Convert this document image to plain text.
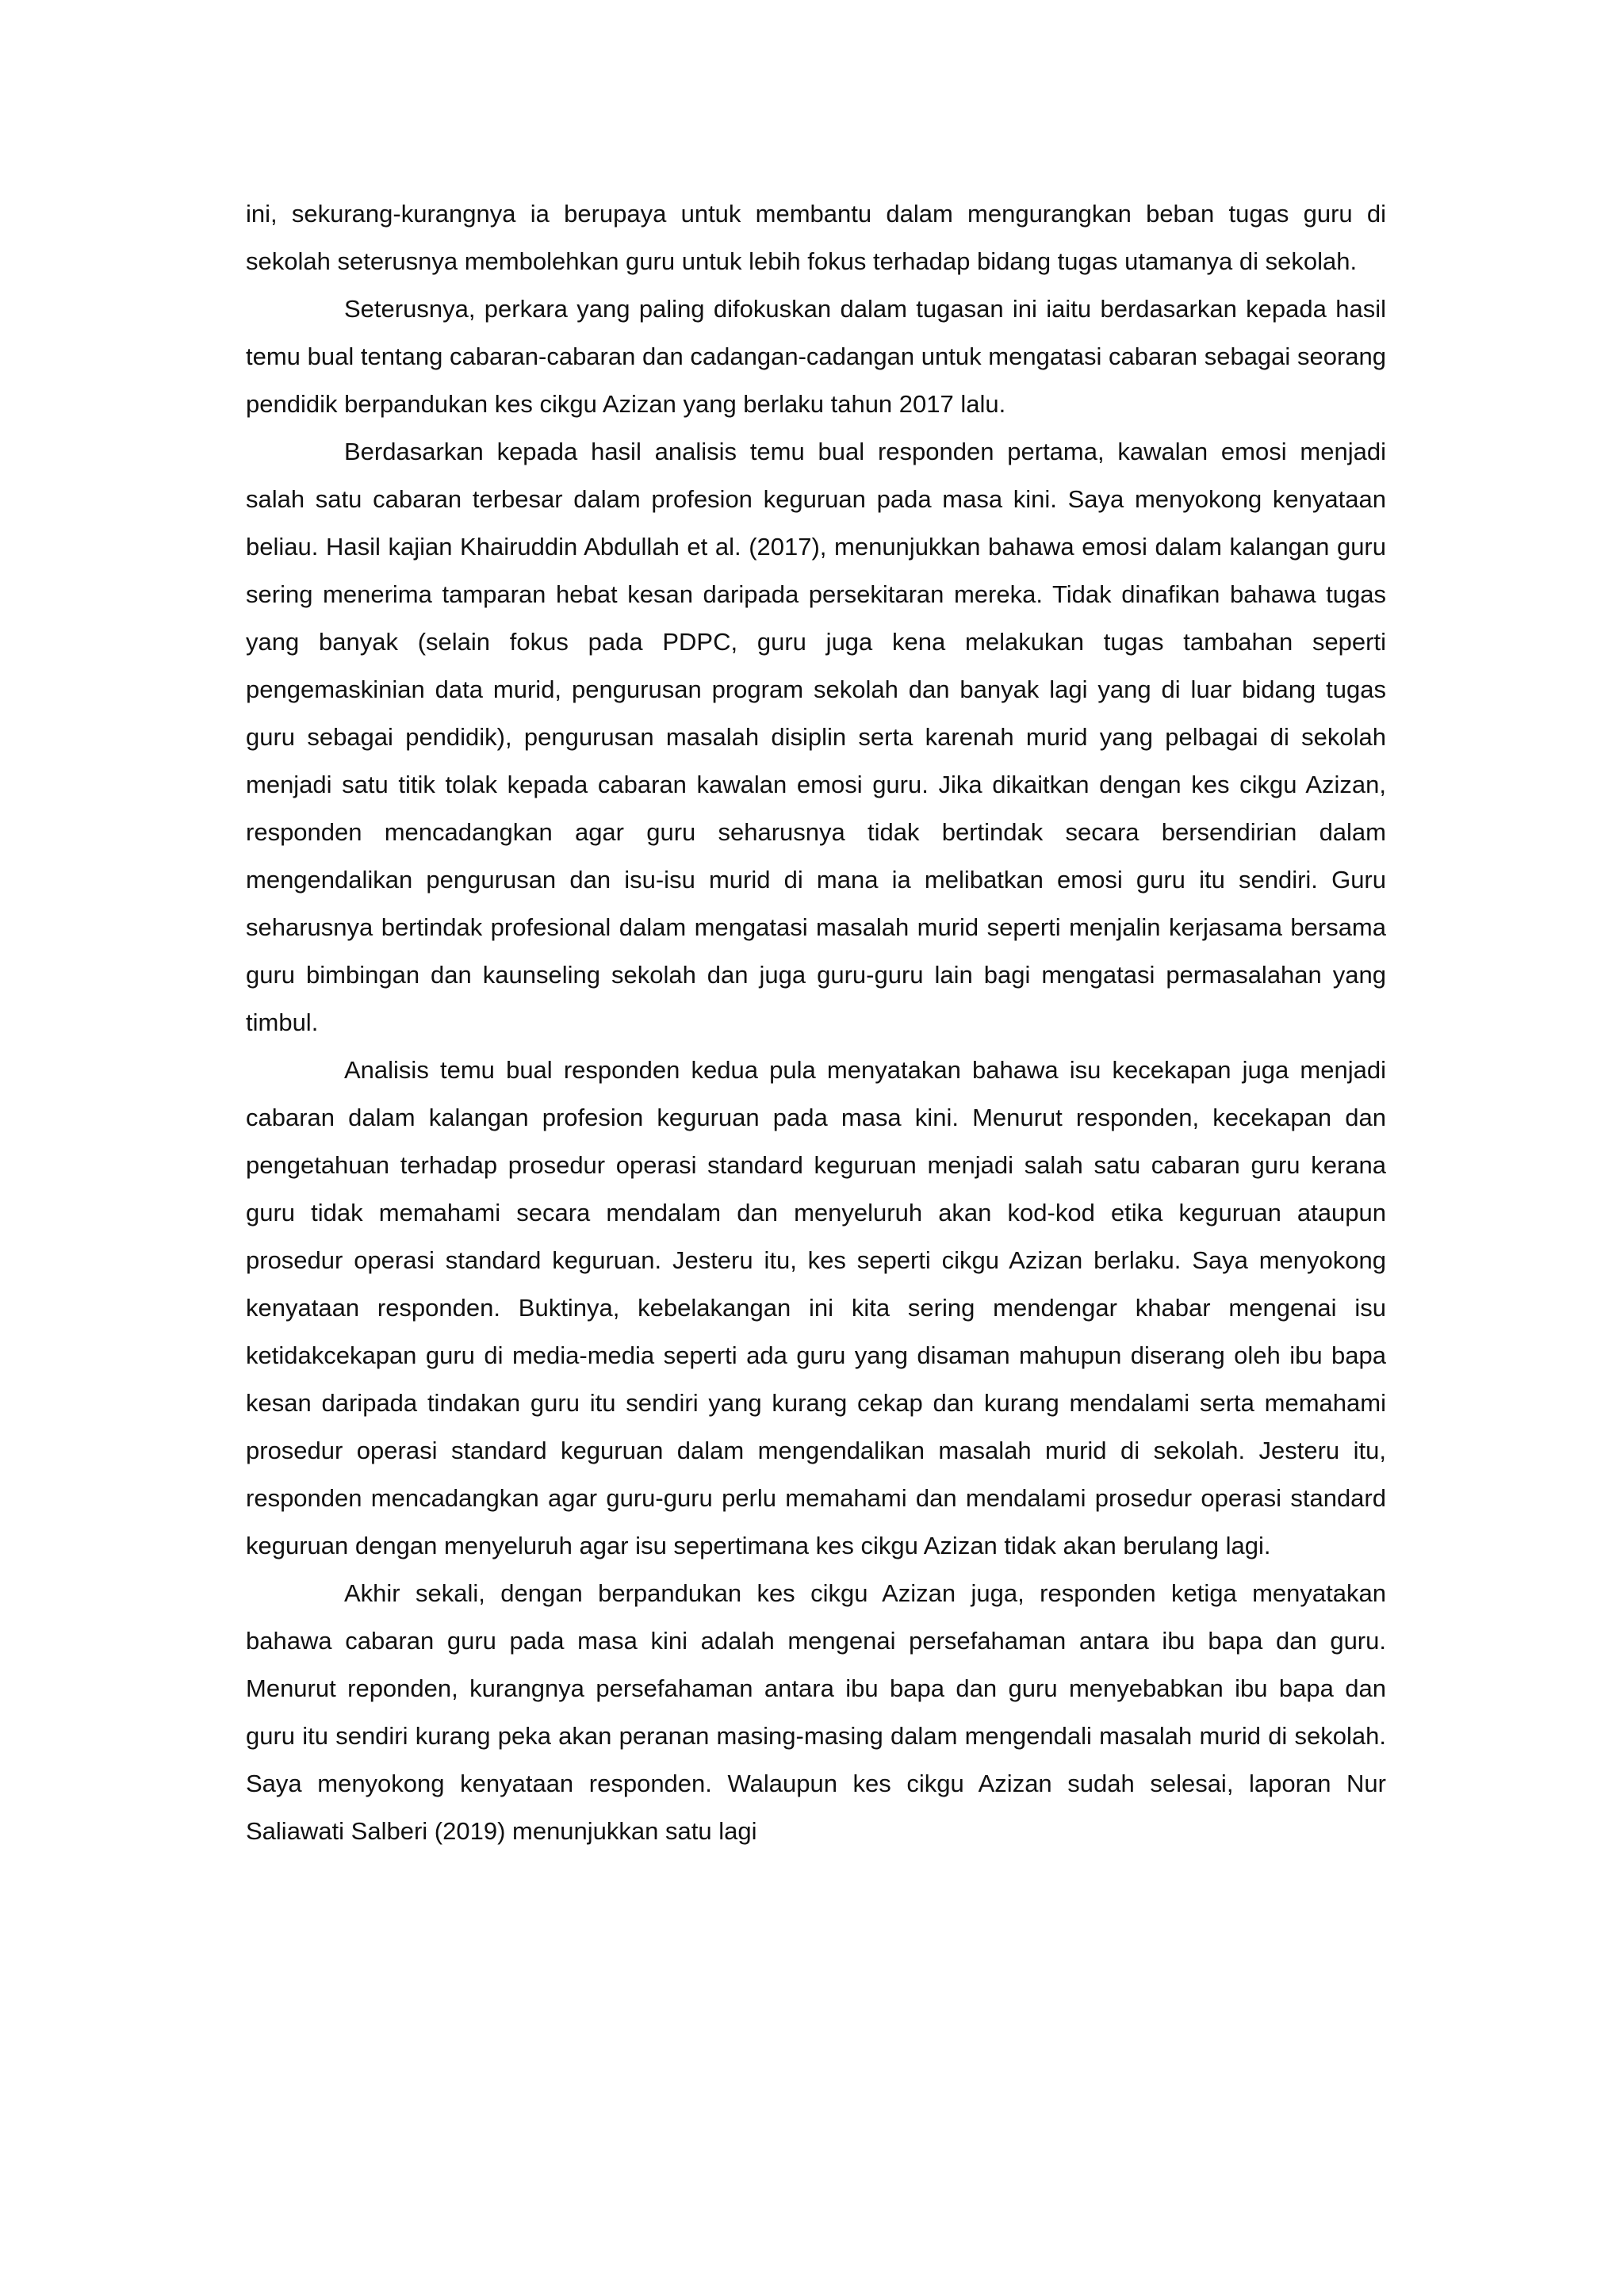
ini, sekurang-kurangnya ia berupaya untuk membantu dalam mengurangkan beban tugas guru di sekolah seterusnya membolehkan guru untuk lebih fokus terhadap bidang tugas utamanya di sekolah.

Seterusnya, perkara yang paling difokuskan dalam tugasan ini iaitu berdasarkan kepada hasil temu bual tentang cabaran-cabaran dan cadangan-cadangan untuk mengatasi cabaran sebagai seorang pendidik berpandukan kes cikgu Azizan yang berlaku tahun 2017 lalu.

Berdasarkan kepada hasil analisis temu bual responden pertama, kawalan emosi menjadi salah satu cabaran terbesar dalam profesion keguruan pada masa kini. Saya menyokong kenyataan beliau. Hasil kajian Khairuddin Abdullah et al. (2017), menunjukkan bahawa emosi dalam kalangan guru sering menerima tamparan hebat kesan daripada persekitaran mereka. Tidak dinafikan bahawa tugas yang banyak (selain fokus pada PDPC, guru juga kena melakukan tugas tambahan seperti pengemaskinian data murid, pengurusan program sekolah dan banyak lagi yang di luar bidang tugas guru sebagai pendidik), pengurusan masalah disiplin serta karenah murid yang pelbagai di sekolah menjadi satu titik tolak kepada cabaran kawalan emosi guru. Jika dikaitkan dengan kes cikgu Azizan, responden mencadangkan agar guru seharusnya tidak bertindak secara bersendirian dalam mengendalikan pengurusan dan isu-isu murid di mana ia melibatkan emosi guru itu sendiri. Guru seharusnya bertindak profesional dalam mengatasi masalah murid seperti menjalin kerjasama bersama guru bimbingan dan kaunseling sekolah dan juga guru-guru lain bagi mengatasi permasalahan yang timbul.

Analisis temu bual responden kedua pula menyatakan bahawa isu kecekapan juga menjadi cabaran dalam kalangan profesion keguruan pada masa kini. Menurut responden, kecekapan dan pengetahuan terhadap prosedur operasi standard keguruan menjadi salah satu cabaran guru kerana guru tidak memahami secara mendalam dan menyeluruh akan kod-kod etika keguruan ataupun prosedur operasi standard keguruan. Jesteru itu, kes seperti cikgu Azizan berlaku. Saya menyokong kenyataan responden. Buktinya, kebelakangan ini kita sering mendengar khabar mengenai isu ketidakcekapan guru di media-media seperti ada guru yang disaman mahupun diserang oleh ibu bapa kesan daripada tindakan guru itu sendiri yang kurang cekap dan kurang mendalami serta memahami prosedur operasi standard keguruan dalam mengendalikan masalah murid di sekolah. Jesteru itu, responden mencadangkan agar guru-guru perlu memahami dan mendalami prosedur operasi standard keguruan dengan menyeluruh agar isu sepertimana kes cikgu Azizan tidak akan berulang lagi.

Akhir sekali, dengan berpandukan kes cikgu Azizan juga, responden ketiga menyatakan bahawa cabaran guru pada masa kini adalah mengenai persefahaman antara ibu bapa dan guru. Menurut reponden, kurangnya persefahaman antara ibu bapa dan guru menyebabkan ibu bapa dan guru itu sendiri kurang peka akan peranan masing-masing dalam mengendali masalah murid di sekolah. Saya menyokong kenyataan responden. Walaupun kes cikgu Azizan sudah selesai, laporan Nur Saliawati Salberi (2019) menunjukkan satu lagi
